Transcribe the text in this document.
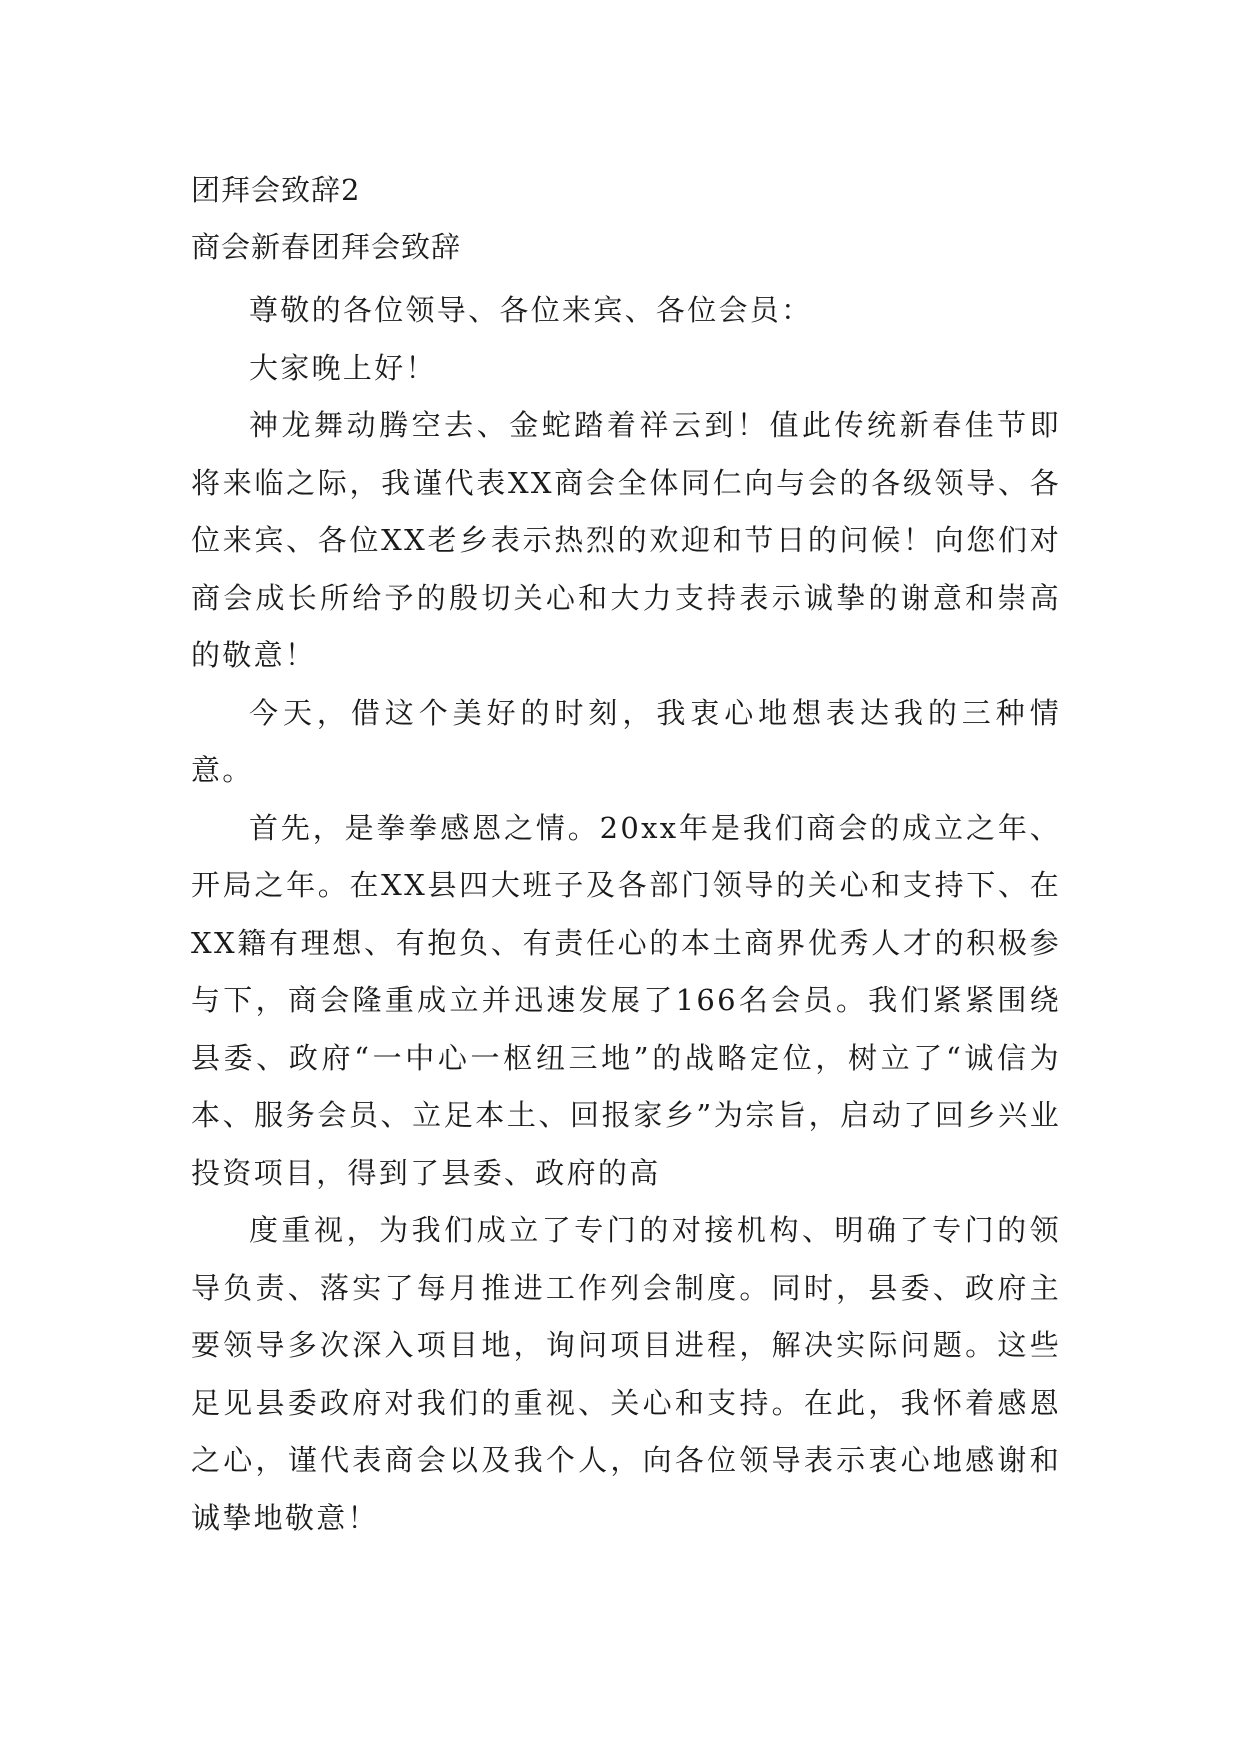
团拜会致辞2

商会新春团拜会致辞

尊敬的各位领导、各位来宾、各位会员：

大家晚上好！

神龙舞动腾空去、金蛇踏着祥云到！值此传统新春佳节即将来临之际，我谨代表XX商会全体同仁向与会的各级领导、各位来宾、各位XX老乡表示热烈的欢迎和节日的问候！向您们对商会成长所给予的殷切关心和大力支持表示诚挚的谢意和崇高的敬意！

今天，借这个美好的时刻，我衷心地想表达我的三种情意。

首先，是拳拳感恩之情。20xx年是我们商会的成立之年、开局之年。在XX县四大班子及各部门领导的关心和支持下、在XX籍有理想、有抱负、有责任心的本土商界优秀人才的积极参与下，商会隆重成立并迅速发展了166名会员。我们紧紧围绕县委、政府“一中心一枢纽三地”的战略定位，树立了“诚信为本、服务会员、立足本土、回报家乡”为宗旨，启动了回乡兴业投资项目，得到了县委、政府的高

度重视，为我们成立了专门的对接机构、明确了专门的领导负责、落实了每月推进工作列会制度。同时，县委、政府主要领导多次深入项目地，询问项目进程，解决实际问题。这些足见县委政府对我们的重视、关心和支持。在此，我怀着感恩之心，谨代表商会以及我个人，向各位领导表示衷心地感谢和诚挚地敬意！
